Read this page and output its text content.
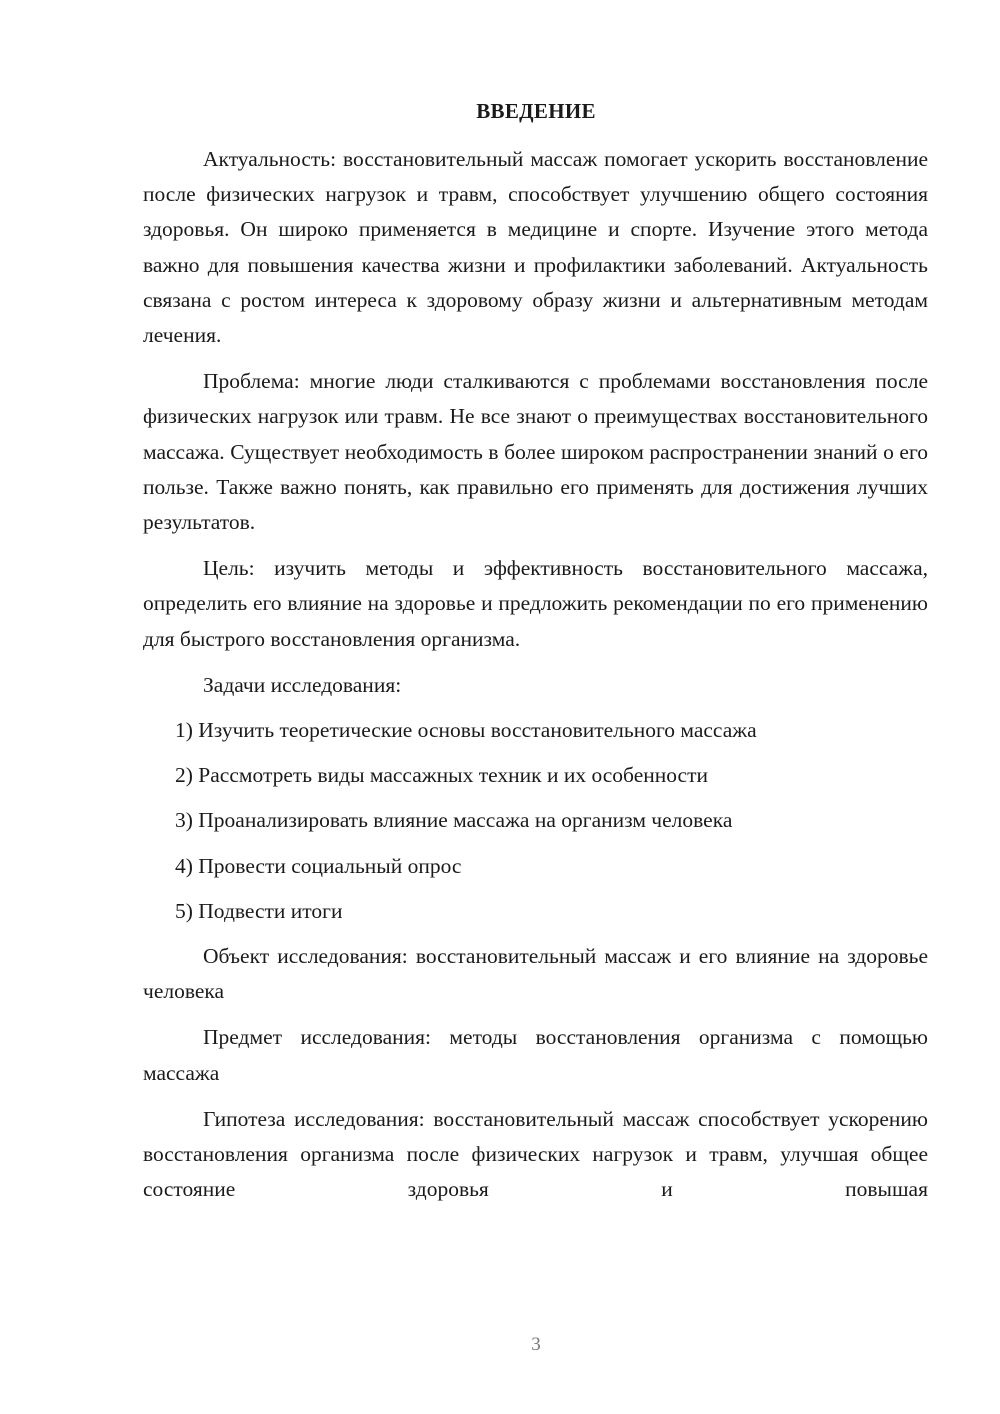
ВВЕДЕНИЕ

Актуальность: восстановительный массаж помогает ускорить восстановление после физических нагрузок и травм, способствует улучшению общего состояния здоровья. Он широко применяется в медицине и спорте. Изучение этого метода важно для повышения качества жизни и профилактики заболеваний. Актуальность связана с ростом интереса к здоровому образу жизни и альтернативным методам лечения.

Проблема: многие люди сталкиваются с проблемами восстановления после физических нагрузок или травм. Не все знают о преимуществах восстановительного массажа. Существует необходимость в более широком распространении знаний о его пользе. Также важно понять, как правильно его применять для достижения лучших результатов.

Цель: изучить методы и эффективность восстановительного массажа, определить его влияние на здоровье и предложить рекомендации по его применению для быстрого восстановления организма.

Задачи исследования:

1) Изучить теоретические основы восстановительного массажа
2) Рассмотреть виды массажных техник и их особенности
3) Проанализировать влияние массажа на организм человека
4) Провести социальный опрос
5) Подвести итоги

Объект исследования: восстановительный массаж и его влияние на здоровье человека

Предмет исследования: методы восстановления организма с помощью массажа

Гипотеза исследования: восстановительный массаж способствует ускорению восстановления организма после физических нагрузок и травм, улучшая общее состояние здоровья и повышая

3
